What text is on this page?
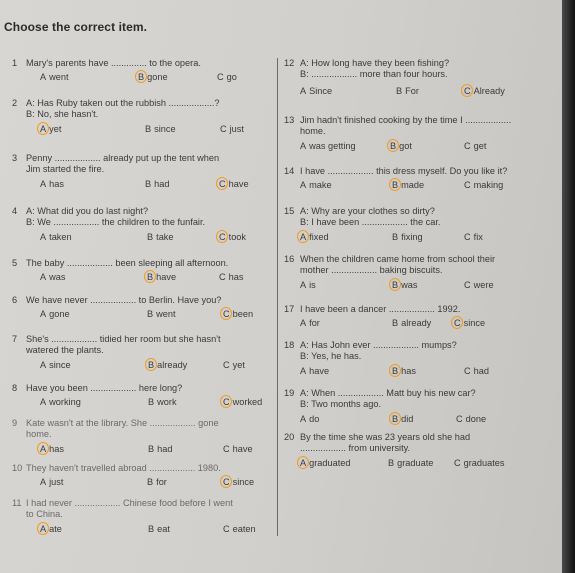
Choose the correct item.
1 Mary's parents have .............. to the opera.
A went	B gone	C go
2 A: Has Ruby taken out the rubbish ..................?
B: No, she hasn't.
A yet	B since	C just
3 Penny .................. already put up the tent when
Jim started the fire.
A has	B had	C have
4 A: What did you do last night?
B: We .................. the children to the funfair.
A taken	B take	C took
5 The baby .................. been sleeping all afternoon.
A was	B have	C has
6 We have never .................. to Berlin. Have you?
A gone	B went	C been
7 She's .................. tidied her room but she hasn't
watered the plants.
A since	B already	C yet
8 Have you been .................. here long?
A working	B work	C worked
9 Kate wasn't at the library. She .................. gone
home.
A has	B had	C have
10 They haven't travelled abroad .................. 1980.
A just	B for	C since
11 I had never .................. Chinese food before I went
to China.
A ate	B eat	C eaten
12 A: How long have they been fishing?
B: .................. more than four hours.
A Since	B For	C Already
13 Jim hadn't finished cooking by the time I ..................
home.
A was getting	B got	C get
14 I have .................. this dress myself. Do you like it?
A make	B made	C making
15 A: Why are your clothes so dirty?
B: I have been .................. the car.
A fixed	B fixing	C fix
16 When the children came home from school their
mother .................. baking biscuits.
A is	B was	C were
17 I have been a dancer .................. 1992.
A for	B already C since
18 A: Has John ever .................. mumps?
B: Yes, he has.
A have	B has	C had
19 A: When .................. Matt buy his new car?
B: Two months ago.
A do	B did	C done
20 By the time she was 23 years old she had
.................. from university.
A graduated	B graduate C graduates
